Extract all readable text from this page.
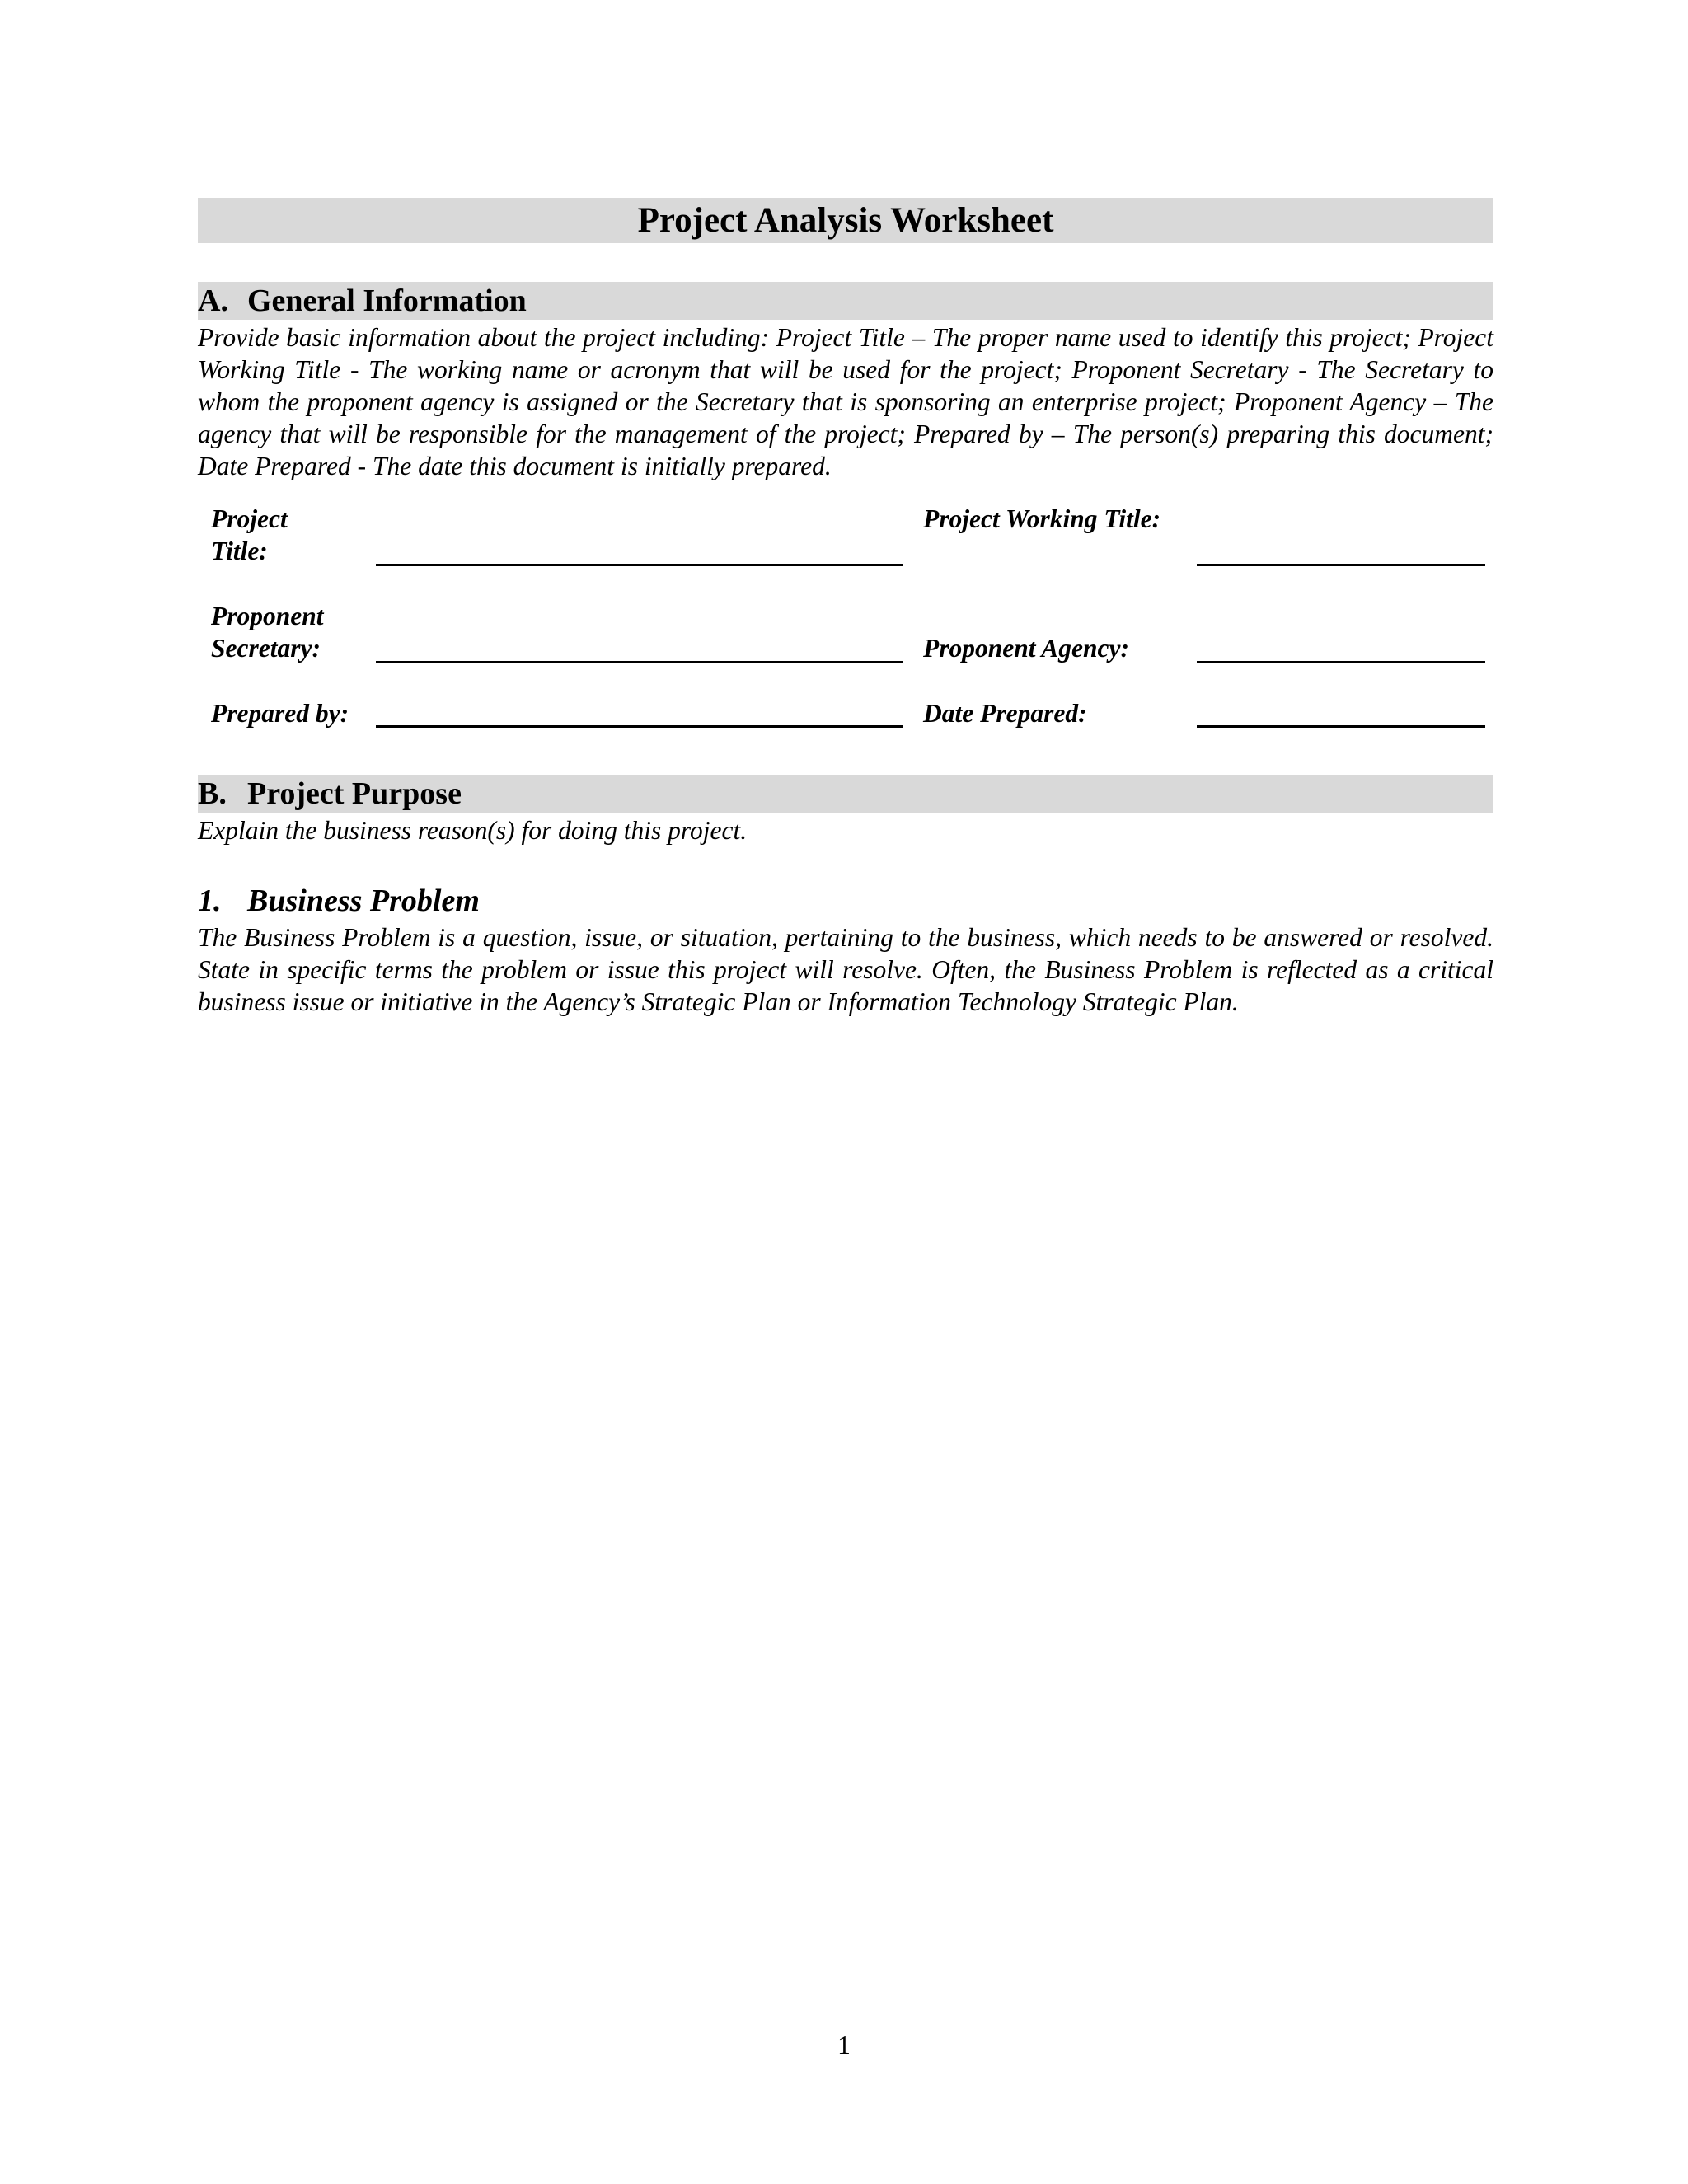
Project Analysis Worksheet
A. General Information
Provide basic information about the project including: Project Title – The proper name used to identify this project; Project Working Title - The working name or acronym that will be used for the project; Proponent Secretary - The Secretary to whom the proponent agency is assigned or the Secretary that is sponsoring an enterprise project; Proponent Agency – The agency that will be responsible for the management of the project; Prepared by – The person(s) preparing this document; Date Prepared - The date this document is initially prepared.
Project
Title:
Project Working Title:
Proponent
Secretary:	Proponent Agency:
Prepared by:	Date Prepared:
B. Project Purpose
Explain the business reason(s) for doing this project.
1. Business Problem
The Business Problem is a question, issue, or situation, pertaining to the business, which needs to be answered or resolved. State in specific terms the problem or issue this project will resolve. Often, the Business Problem is reflected as a critical business issue or initiative in the Agency’s Strategic Plan or Information Technology Strategic Plan.
1
